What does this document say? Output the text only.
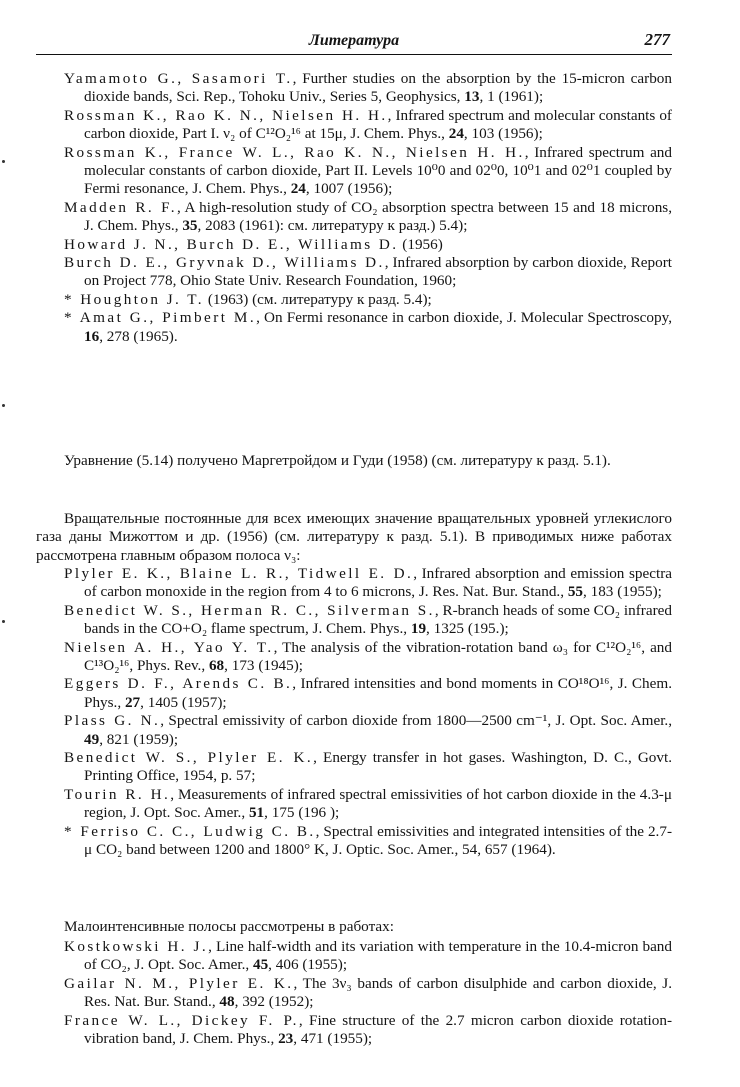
Литература	277

Yamamoto G., Sasamori T., Further studies on the absorption by the 15-micron carbon dioxide bands, Sci. Rep., Tohoku Univ., Series 5, Geophysics, 13, 1 (1961);

Rossman K., Rao K. N., Nielsen H. H., Infrared spectrum and molecular constants of carbon dioxide, Part I. ν₂ of C¹²O₂¹⁶ at 15μ, J. Chem. Phys., 24, 103 (1956);

Rossman K., France W. L., Rao K. N., Nielsen H. H., Infrared spectrum and molecular constants of carbon dioxide, Part II. Levels 10⁰0 and 02⁰0, 10⁰1 and 02⁰1 coupled by Fermi resonance, J. Chem. Phys., 24, 1007 (1956);

Madden R. F., A high-resolution study of CO₂ absorption spectra between 15 and 18 microns, J. Chem. Phys., 35, 2083 (1961): см. литературу к разд.) 5.4);

Howard J. N., Burch D. E., Williams D. (1956)

Burch D. E., Gryvnak D., Williams D., Infrared absorption by carbon dioxide, Report on Project 778, Ohio State Univ. Research Foundation, 1960;

* Houghton J. T. (1963) (см. литературу к разд. 5.4);

* Amat G., Pimbert M., On Fermi resonance in carbon dioxide, J. Molecular Spectroscopy, 16, 278 (1965).

Уравнение (5.14) получено Маргетройдом и Гуди (1958) (см. литературу к разд. 5.1).

Вращательные постоянные для всех имеющих значение вращательных уровней углекислого газа даны Мижоттом и др. (1956) (см. литературу к разд. 5.1). В приводимых ниже работах рассмотрена главным образом полоса ν₃:

Plyler E. K., Blaine L. R., Tidwell E. D., Infrared absorption and emission spectra of carbon monoxide in the region from 4 to 6 microns, J. Res. Nat. Bur. Stand., 55, 183 (1955);

Benedict W. S., Herman R. C., Silverman S., R-branch heads of some CO₂ infrared bands in the CO+O₂ flame spectrum, J. Chem. Phys., 19, 1325 (195.);

Nielsen A. H., Yao Y. T., The analysis of the vibration-rotation band ω₃ for C¹²O₂¹⁶, and C¹³O₂¹⁶, Phys. Rev., 68, 173 (1945);

Eggers D. F., Arends C. B., Infrared intensities and bond moments in CO¹⁸O¹⁶, J. Chem. Phys., 27, 1405 (1957);

Plass G. N., Spectral emissivity of carbon dioxide from 1800—2500 cm⁻¹, J. Opt. Soc. Amer., 49, 821 (1959);

Benedict W. S., Plyler E. K., Energy transfer in hot gases. Washington, D. C., Govt. Printing Office, 1954, p. 57;

Tourin R. H., Measurements of infrared spectral emissivities of hot carbon dioxide in the 4.3-μ region, J. Opt. Soc. Amer., 51, 175 (196 );

* Ferriso C. C., Ludwig C. B., Spectral emissivities and integrated intensities of the 2.7-μ CO₂ band between 1200 and 1800° K, J. Optic. Soc. Amer., 54, 657 (1964).

Малоинтенсивные полосы рассмотрены в работах:

Kostkowski H. J., Line half-width and its variation with temperature in the 10.4-micron band of CO₂, J. Opt. Soc. Amer., 45, 406 (1955);

Gailar N. M., Plyler E. K., The 3ν₃ bands of carbon disulphide and carbon dioxide, J. Res. Nat. Bur. Stand., 48, 392 (1952);

France W. L., Dickey F. P., Fine structure of the 2.7 micron carbon dioxide rotation-vibration band, J. Chem. Phys., 23, 471 (1955);
